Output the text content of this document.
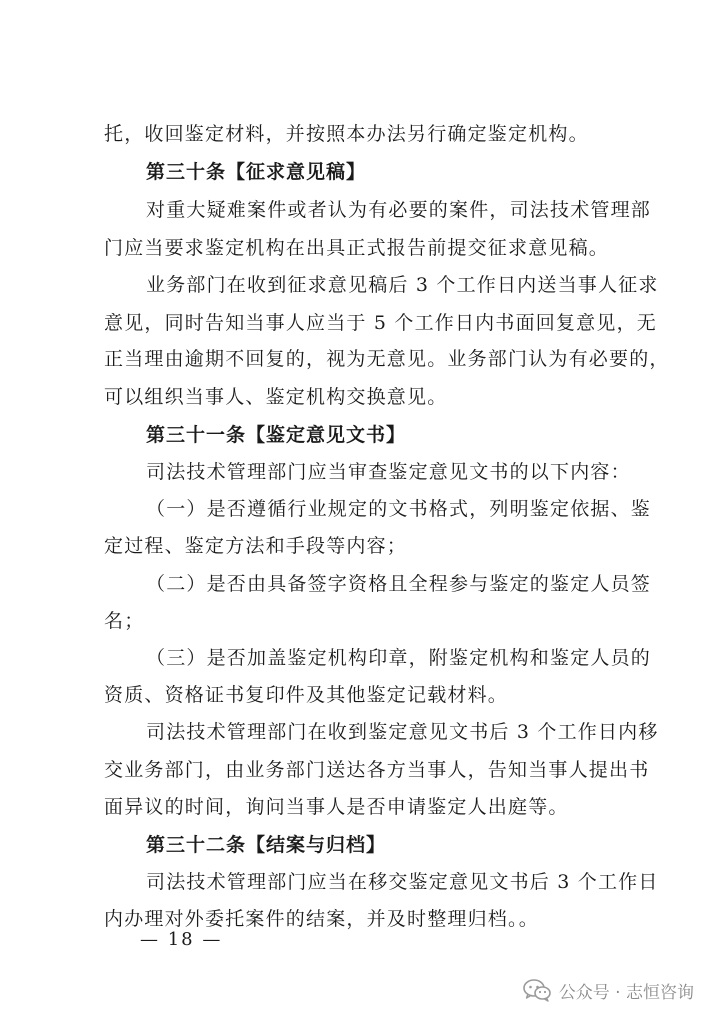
托，收回鉴定材料，并按照本办法另行确定鉴定机构。
第三十条【征求意见稿】
对重大疑难案件或者认为有必要的案件，司法技术管理部
门应当要求鉴定机构在出具正式报告前提交征求意见稿。
业务部门在收到征求意见稿后 3 个工作日内送当事人征求
意见，同时告知当事人应当于 5 个工作日内书面回复意见，无
正当理由逾期不回复的，视为无意见。业务部门认为有必要的，
可以组织当事人、鉴定机构交换意见。
第三十一条【鉴定意见文书】
司法技术管理部门应当审查鉴定意见文书的以下内容：
（一）是否遵循行业规定的文书格式，列明鉴定依据、鉴
定过程、鉴定方法和手段等内容；
（二）是否由具备签字资格且全程参与鉴定的鉴定人员签
名；
（三）是否加盖鉴定机构印章，附鉴定机构和鉴定人员的
资质、资格证书复印件及其他鉴定记载材料。
司法技术管理部门在收到鉴定意见文书后 3 个工作日内移
交业务部门，由业务部门送达各方当事人，告知当事人提出书
面异议的时间，询问当事人是否申请鉴定人出庭等。
第三十二条【结案与归档】
司法技术管理部门应当在移交鉴定意见文书后 3 个工作日
内办理对外委托案件的结案，并及时整理归档。。
— 18 —
公众号 · 志恒咨询
